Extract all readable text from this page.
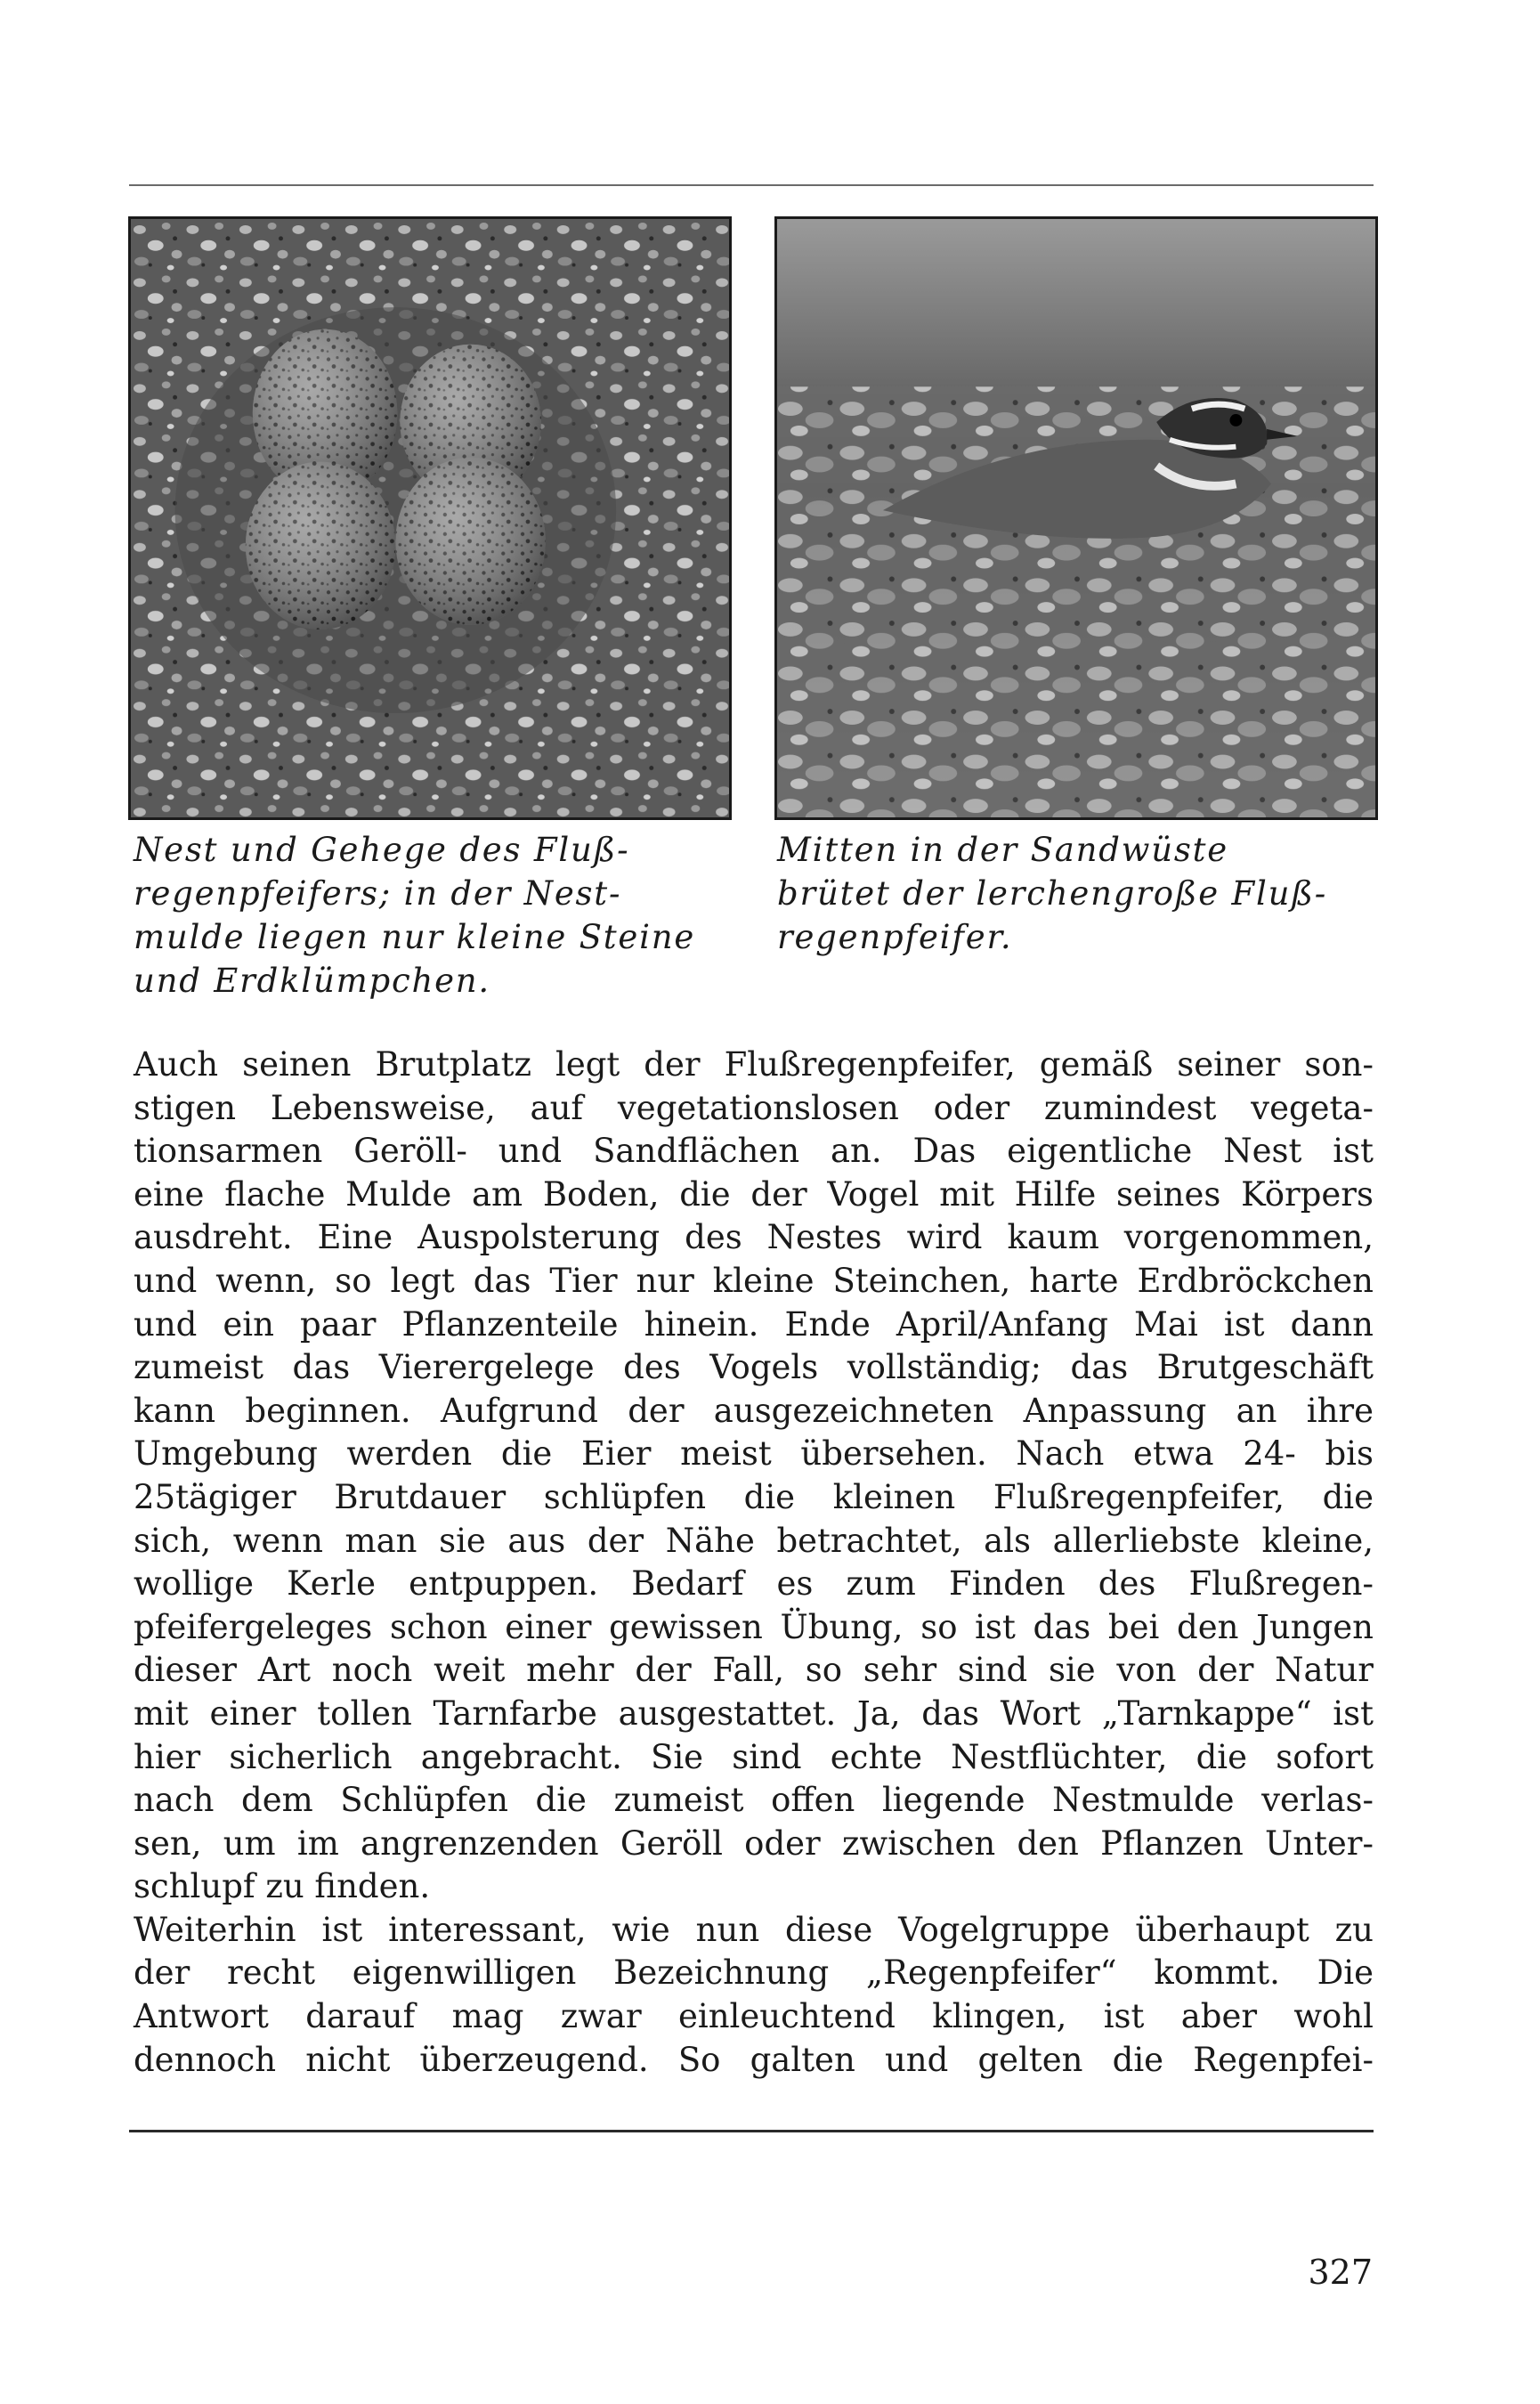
Nest und Gehege des Fluß-
regenpfeifers; in der Nest-
mulde liegen nur kleine Steine
und Erdklümpchen.
Mitten in der Sandwüste
brütet der lerchengroße Fluß-
regenpfeifer.
Auch seinen Brutplatz legt der Flußregenpfeifer, gemäß seiner son-
stigen Lebensweise, auf vegetationslosen oder zumindest vegeta-
tionsarmen Geröll- und Sandflächen an. Das eigentliche Nest ist
eine flache Mulde am Boden, die der Vogel mit Hilfe seines Körpers
ausdreht. Eine Auspolsterung des Nestes wird kaum vorgenommen,
und wenn, so legt das Tier nur kleine Steinchen, harte Erdbröckchen
und ein paar Pflanzenteile hinein. Ende April/Anfang Mai ist dann
zumeist das Vierergelege des Vogels vollständig; das Brutgeschäft
kann beginnen. Aufgrund der ausgezeichneten Anpassung an ihre
Umgebung werden die Eier meist übersehen. Nach etwa 24- bis
25tägiger Brutdauer schlüpfen die kleinen Flußregenpfeifer, die
sich, wenn man sie aus der Nähe betrachtet, als allerliebste kleine,
wollige Kerle entpuppen. Bedarf es zum Finden des Flußregen-
pfeifergeleges schon einer gewissen Übung, so ist das bei den Jungen
dieser Art noch weit mehr der Fall, so sehr sind sie von der Natur
mit einer tollen Tarnfarbe ausgestattet. Ja, das Wort „Tarnkappe“ ist
hier sicherlich angebracht. Sie sind echte Nestflüchter, die sofort
nach dem Schlüpfen die zumeist offen liegende Nestmulde verlas-
sen, um im angrenzenden Geröll oder zwischen den Pflanzen Unter-
schlupf zu finden.
Weiterhin ist interessant, wie nun diese Vogelgruppe überhaupt zu
der recht eigenwilligen Bezeichnung „Regenpfeifer“ kommt. Die
Antwort darauf mag zwar einleuchtend klingen, ist aber wohl
dennoch nicht überzeugend. So galten und gelten die Regenpfei-
327
